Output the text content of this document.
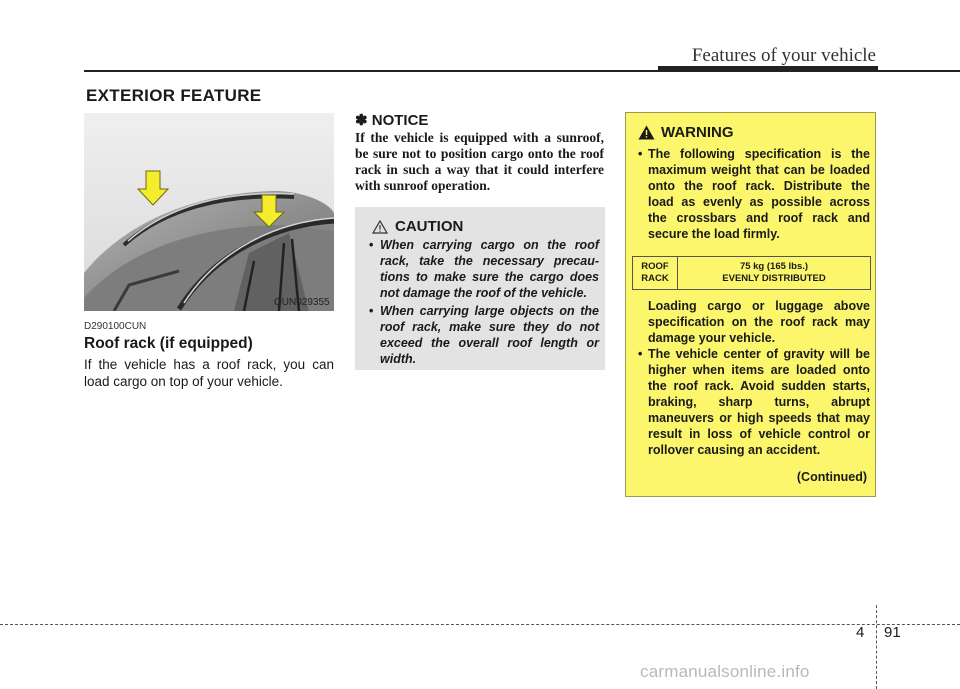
Features of your vehicle
EXTERIOR FEATURE
OUN029355
D290100CUN
Roof rack (if equipped)
If the vehicle has a roof rack, you can load cargo on top of your vehicle.
✽ NOTICE
If the vehicle is equipped with a sunroof, be sure not to position cargo onto the roof rack in such a way that it could interfere with sunroof operation.
CAUTION
• When carrying cargo on the roof rack, take the necessary precau-tions to make sure the cargo does not damage the roof of the vehicle.
• When carrying large objects on the roof rack, make sure they do not exceed the overall roof length or width.
WARNING
• The following specification is the maximum weight that can be loaded onto the roof rack. Distribute the load as evenly as possible across the crossbars and roof rack and secure the load firmly.
ROOF
RACK
75 kg (165 lbs.)
EVENLY DISTRIBUTED
Loading cargo or luggage above specification on the roof rack may damage your vehicle.
• The vehicle center of gravity will be higher when items are loaded onto the roof rack. Avoid sudden starts, braking, sharp turns, abrupt maneuvers or high speeds that may result in loss of vehicle control or rollover causing an accident.
(Continued)
4 91
carmanualsonline.info
